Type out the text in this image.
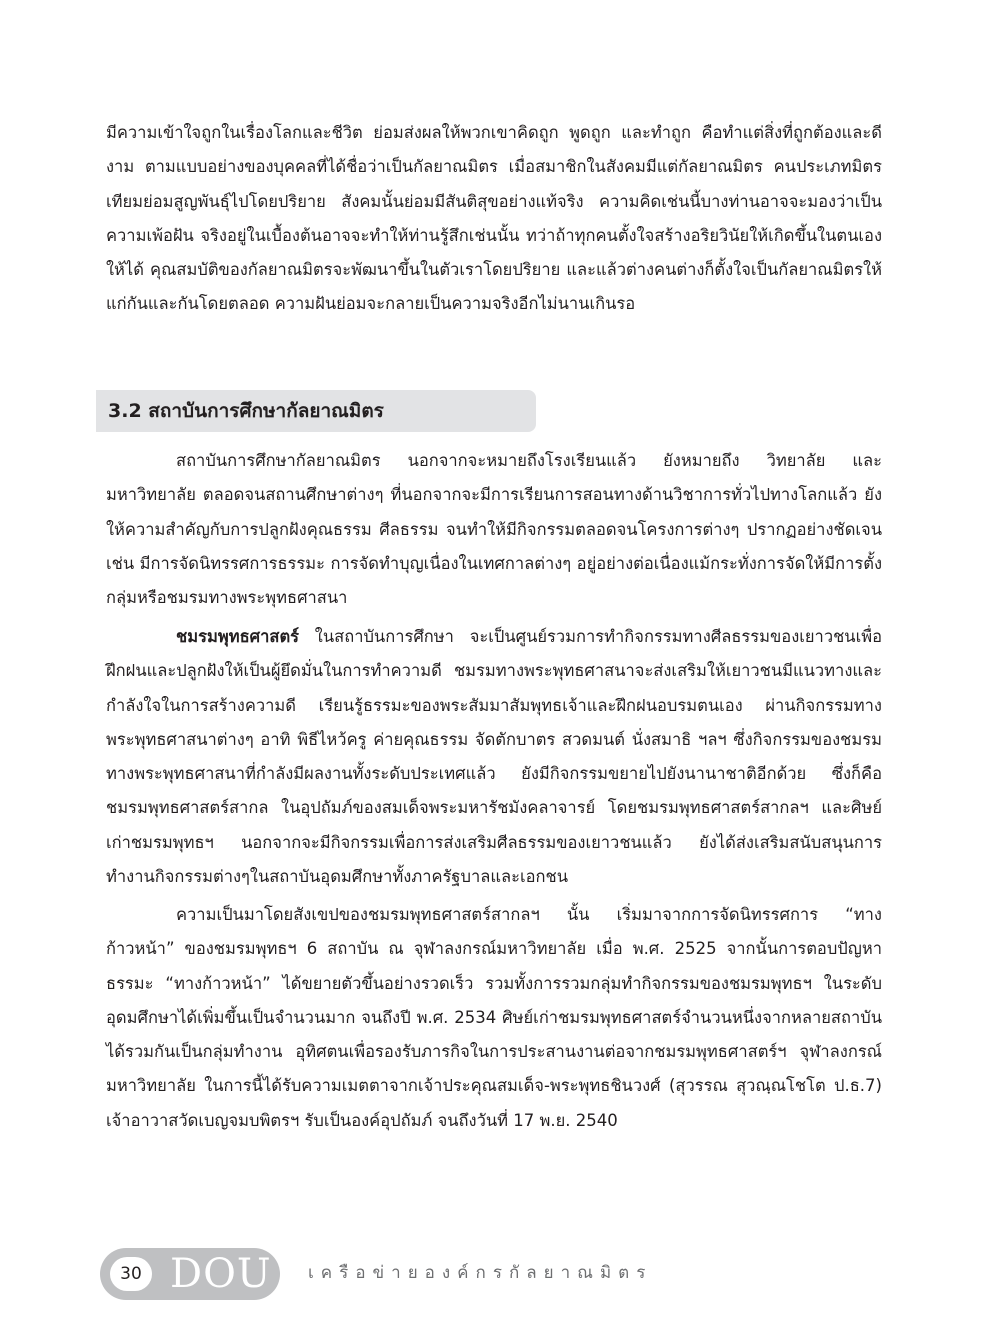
มีความเข้าใจถูกในเรื่องโลกและชีวิต ย่อมส่งผลให้พวกเขาคิดถูก พูดถูก และทำถูก คือทำแต่สิ่งที่ถูกต้องและดีงาม ตามแบบอย่างของบุคคลที่ได้ชื่อว่าเป็นกัลยาณมิตร เมื่อสมาชิกในสังคมมีแต่กัลยาณมิตร คนประเภทมิตรเทียมย่อมสูญพันธุ์ไปโดยปริยาย สังคมนั้นย่อมมีสันติสุขอย่างแท้จริง ความคิดเช่นนี้บางท่านอาจจะมองว่าเป็นความเพ้อฝัน จริงอยู่ในเบื้องต้นอาจจะทำให้ท่านรู้สึกเช่นนั้น ทว่าถ้าทุกคนตั้งใจสร้างอริยวินัยให้เกิดขึ้นในตนเองให้ได้ คุณสมบัติของกัลยาณมิตรจะพัฒนาขึ้นในตัวเราโดยปริยาย และแล้วต่างคนต่างก็ตั้งใจเป็นกัลยาณมิตรให้แก่กันและกันโดยตลอด ความฝันย่อมจะกลายเป็นความจริงอีกไม่นานเกินรอ

3.2 สถาบันการศึกษากัลยาณมิตร

สถาบันการศึกษากัลยาณมิตร นอกจากจะหมายถึงโรงเรียนแล้ว ยังหมายถึง วิทยาลัย และมหาวิทยาลัย ตลอดจนสถานศึกษาต่างๆ ที่นอกจากจะมีการเรียนการสอนทางด้านวิชาการทั่วไปทางโลกแล้ว ยังให้ความสำคัญกับการปลูกฝังคุณธรรม ศีลธรรม จนทำให้มีกิจกรรมตลอดจนโครงการต่างๆ ปรากฏอย่างชัดเจน เช่น มีการจัดนิทรรศการธรรมะ การจัดทำบุญเนื่องในเทศกาลต่างๆ อยู่อย่างต่อเนื่องแม้กระทั่งการจัดให้มีการตั้งกลุ่มหรือชมรมทางพระพุทธศาสนา

ชมรมพุทธศาสตร์ ในสถาบันการศึกษา จะเป็นศูนย์รวมการทำกิจกรรมทางศีลธรรมของเยาวชนเพื่อฝึกฝนและปลูกฝังให้เป็นผู้ยึดมั่นในการทำความดี ชมรมทางพระพุทธศาสนาจะส่งเสริมให้เยาวชนมีแนวทางและกำลังใจในการสร้างความดี เรียนรู้ธรรมะของพระสัมมาสัมพุทธเจ้าและฝึกฝนอบรมตนเอง ผ่านกิจกรรมทางพระพุทธศาสนาต่างๆ อาทิ พิธีไหว้ครู ค่ายคุณธรรม จัดตักบาตร สวดมนต์ นั่งสมาธิ ฯลฯ ซึ่งกิจกรรมของชมรมทางพระพุทธศาสนาที่กำลังมีผลงานทั้งระดับประเทศแล้ว ยังมีกิจกรรมขยายไปยังนานาชาติอีกด้วย ซึ่งก็คือชมรมพุทธศาสตร์สากล ในอุปถัมภ์ของสมเด็จพระมหารัชมังคลาจารย์ โดยชมรมพุทธศาสตร์สากลฯ และศิษย์เก่าชมรมพุทธฯ นอกจากจะมีกิจกรรมเพื่อการส่งเสริมศีลธรรมของเยาวชนแล้ว ยังได้ส่งเสริมสนับสนุนการทำงานกิจกรรมต่างๆในสถาบันอุดมศึกษาทั้งภาครัฐบาลและเอกชน

ความเป็นมาโดยสังเขปของชมรมพุทธศาสตร์สากลฯ นั้น เริ่มมาจากการจัดนิทรรศการ “ทางก้าวหน้า” ของชมรมพุทธฯ 6 สถาบัน ณ จุฬาลงกรณ์มหาวิทยาลัย เมื่อ พ.ศ. 2525 จากนั้นการตอบปัญหาธรรมะ “ทางก้าวหน้า” ได้ขยายตัวขึ้นอย่างรวดเร็ว รวมทั้งการรวมกลุ่มทำกิจกรรมของชมรมพุทธฯ ในระดับอุดมศึกษาได้เพิ่มขึ้นเป็นจำนวนมาก จนถึงปี พ.ศ. 2534 ศิษย์เก่าชมรมพุทธศาสตร์จำนวนหนึ่งจากหลายสถาบัน ได้รวมกันเป็นกลุ่มทำงาน อุทิศตนเพื่อรองรับภารกิจในการประสานงานต่อจากชมรมพุทธศาสตร์ฯ จุฬาลงกรณ์มหาวิทยาลัย ในการนี้ได้รับความเมตตาจากเจ้าประคุณสมเด็จ-พระพุทธชินวงศ์ (สุวรรณ สุวณฺณโชโต ป.ธ.7) เจ้าอาวาสวัดเบญจมบพิตรฯ รับเป็นองค์อุปถัมภ์ จนถึงวันที่ 17 พ.ย. 2540

30 DOU เครือข่ายองค์กรกัลยาณมิตร
